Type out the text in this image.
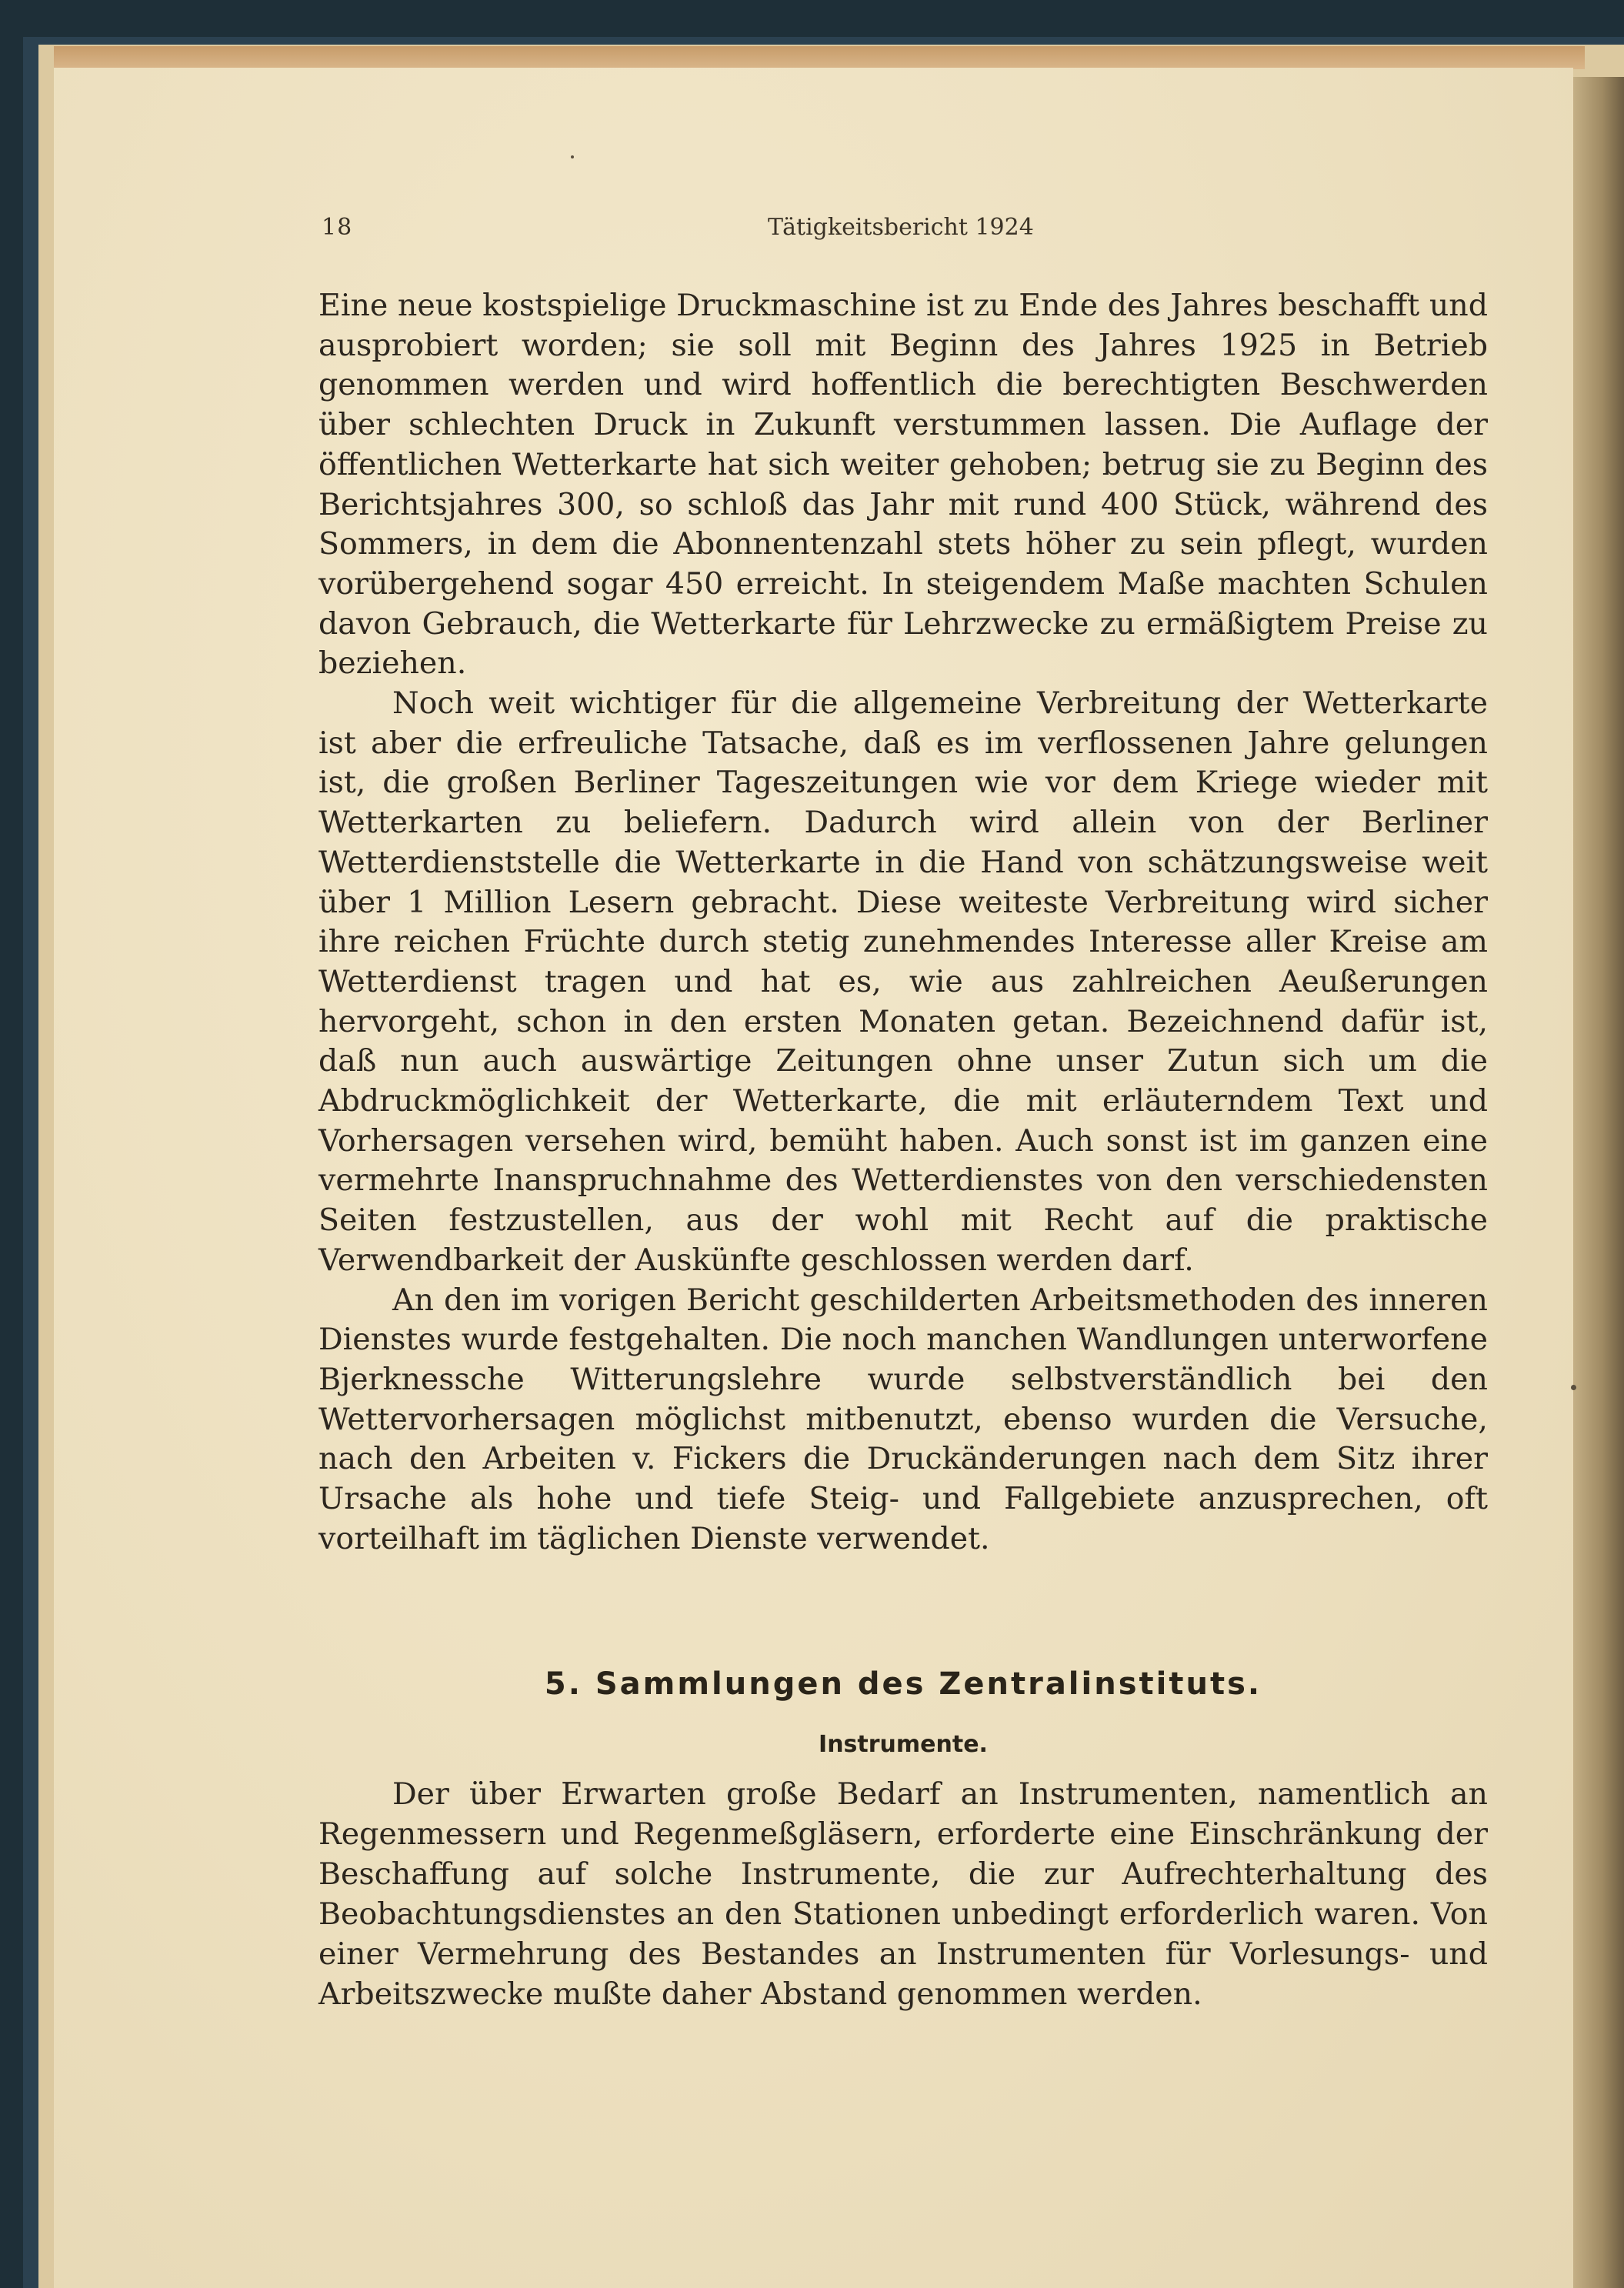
18	Tätigkeitsbericht 1924

Eine neue kostspielige Druckmaschine ist zu Ende des Jahres beschafft und ausprobiert worden; sie soll mit Beginn des Jahres 1925 in Betrieb genommen werden und wird hoffentlich die berechtigten Beschwerden über schlechten Druck in Zukunft verstummen lassen. Die Auflage der öffentlichen Wetterkarte hat sich weiter gehoben; betrug sie zu Beginn des Berichtsjahres 300, so schloß das Jahr mit rund 400 Stück, während des Sommers, in dem die Abonnentenzahl stets höher zu sein pflegt, wurden vorübergehend sogar 450 erreicht. In steigendem Maße machten Schulen davon Gebrauch, die Wetterkarte für Lehrzwecke zu ermäßigtem Preise zu beziehen.

Noch weit wichtiger für die allgemeine Verbreitung der Wetterkarte ist aber die erfreuliche Tatsache, daß es im verflossenen Jahre gelungen ist, die großen Berliner Tageszeitungen wie vor dem Kriege wieder mit Wetterkarten zu beliefern. Dadurch wird allein von der Berliner Wetterdienststelle die Wetterkarte in die Hand von schätzungsweise weit über 1 Million Lesern gebracht. Diese weiteste Verbreitung wird sicher ihre reichen Früchte durch stetig zunehmendes Interesse aller Kreise am Wetterdienst tragen und hat es, wie aus zahlreichen Aeußerungen hervorgeht, schon in den ersten Monaten getan. Bezeichnend dafür ist, daß nun auch auswärtige Zeitungen ohne unser Zutun sich um die Abdruckmöglichkeit der Wetterkarte, die mit erläuterndem Text und Vorhersagen versehen wird, bemüht haben. Auch sonst ist im ganzen eine vermehrte Inanspruchnahme des Wetterdienstes von den verschiedensten Seiten festzustellen, aus der wohl mit Recht auf die praktische Verwendbarkeit der Auskünfte geschlossen werden darf.

An den im vorigen Bericht geschilderten Arbeitsmethoden des inneren Dienstes wurde festgehalten. Die noch manchen Wandlungen unterworfene Bjerknessche Witterungslehre wurde selbstverständlich bei den Wettervorhersagen möglichst mitbenutzt, ebenso wurden die Versuche, nach den Arbeiten v. Fickers die Druckänderungen nach dem Sitz ihrer Ursache als hohe und tiefe Steig- und Fallgebiete anzusprechen, oft vorteilhaft im täglichen Dienste verwendet.

5. Sammlungen des Zentralinstituts.
Instrumente.

Der über Erwarten große Bedarf an Instrumenten, namentlich an Regenmessern und Regenmeßgläsern, erforderte eine Einschränkung der Beschaffung auf solche Instrumente, die zur Aufrechterhaltung des Beobachtungsdienstes an den Stationen unbedingt erforderlich waren. Von einer Vermehrung des Bestandes an Instrumenten für Vorlesungs- und Arbeitszwecke mußte daher Abstand genommen werden.
